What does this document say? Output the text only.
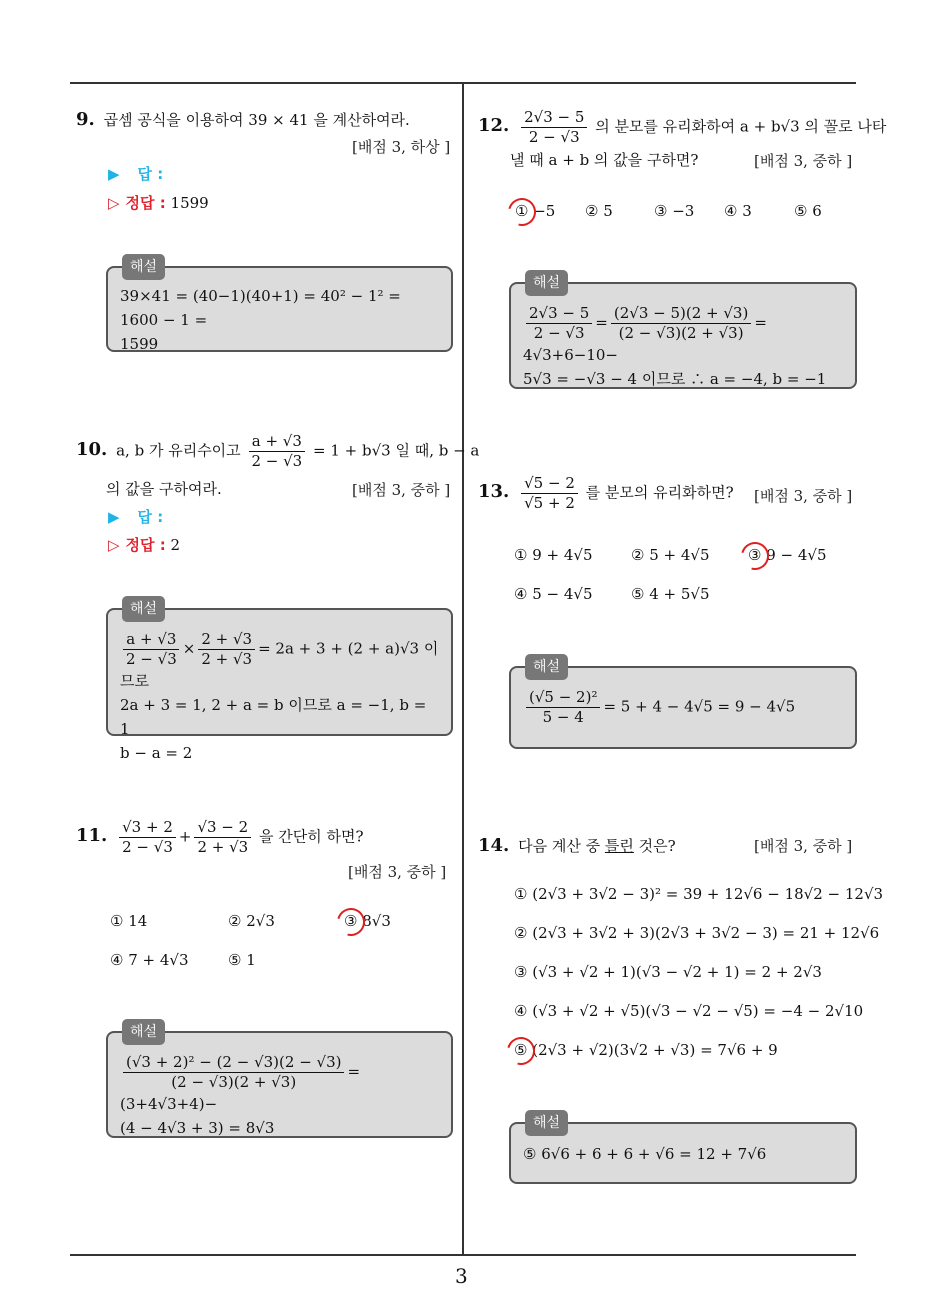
3
9. 곱셈 공식을 이용하여 39 × 41 을 계산하여라.
[배점 3, 하상 ]
▶ 답 :
▷ 정답 : 1599
해설
39×41 = (40−1)(40+1) = 40² − 1² = 1600 − 1 =
1599
10. a, b 가 유리수이고 $\frac{a + √3}{2 - √3} = 1 + b√3$ 일 때, b − a
의 값을 구하여라.	[배점 3, 중하 ]
▶ 답 :
▷ 정답 : 2
해설
$\frac{a + √3}{2 - √3} \times \frac{2 + √3}{2 + √3} = 2a + 3 + (2 + a)√3$ 이므로
2a + 3 = 1, 2 + a = b 이므로 a = −1, b = 1
b − a = 2
11. $\frac{√3 + 2}{2 - √3} + \frac{√3 - 2}{2 + √3}$ 을 간단히 하면?
[배점 3, 중하 ]
① 14	② 2√3	③ 8√3
④ 7 + 4√3	⑤ 1
해설
$\frac{\text{(√3 + 2)² − (2 − √3)(2 − √3)}}{(2 - √3)(2 + √3)} = (3+4√3+4)-$
(4 − 4√3 + 3) = 8√3
12. $\frac{2√3 - 5}{2 - √3}$ 의 분모를 유리화하여 a + b√3 의 꼴로 나타
낼 때 a + b 의 값을 구하면?	[배점 3, 중하 ]
① −5 ② 5	③ −3 ④ 3	⑤ 6
해설
$\frac{2√3 - 5}{2 - √3} = \frac{(2√3 - 5)(2 + √3)}{(2 - √3)(2 + √3)} = 4√3+6-10-$
5√3 = −√3 − 4 이므로 ∴ a = −4, b = −1
13. $\frac{√5 - 2}{√5 + 2}$ 를 분모의 유리화하면? [배점 3, 중하 ]
① 9 + 4√5	② 5 + 4√5	③ 9 − 4√5
④ 5 − 4√5	⑤ 4 + 5√5
해설
$\frac{\text{(√5 − 2)²}}{5 - 4} = 5 + 4 - 4√5 = 9 - 4√5$
14. 다음 계산 중 틀린 것은?	[배점 3, 중하 ]
① (2√3 + 3√2 − 3)² = 39 + 12√6 − 18√2 − 12√3
② (2√3 + 3√2 + 3)(2√3 + 3√2 − 3) = 21 + 12√6
③ (√3 + √2 + 1)(√3 − √2 + 1) = 2 + 2√3
④ (√3 + √2 + √5)(√3 − √2 − √5) = −4 − 2√10
⑤ (2√3 + √2)(3√2 + √3) = 7√6 + 9
해설
⑤ 6√6 + 6 + 6 + √6 = 12 + 7√6
